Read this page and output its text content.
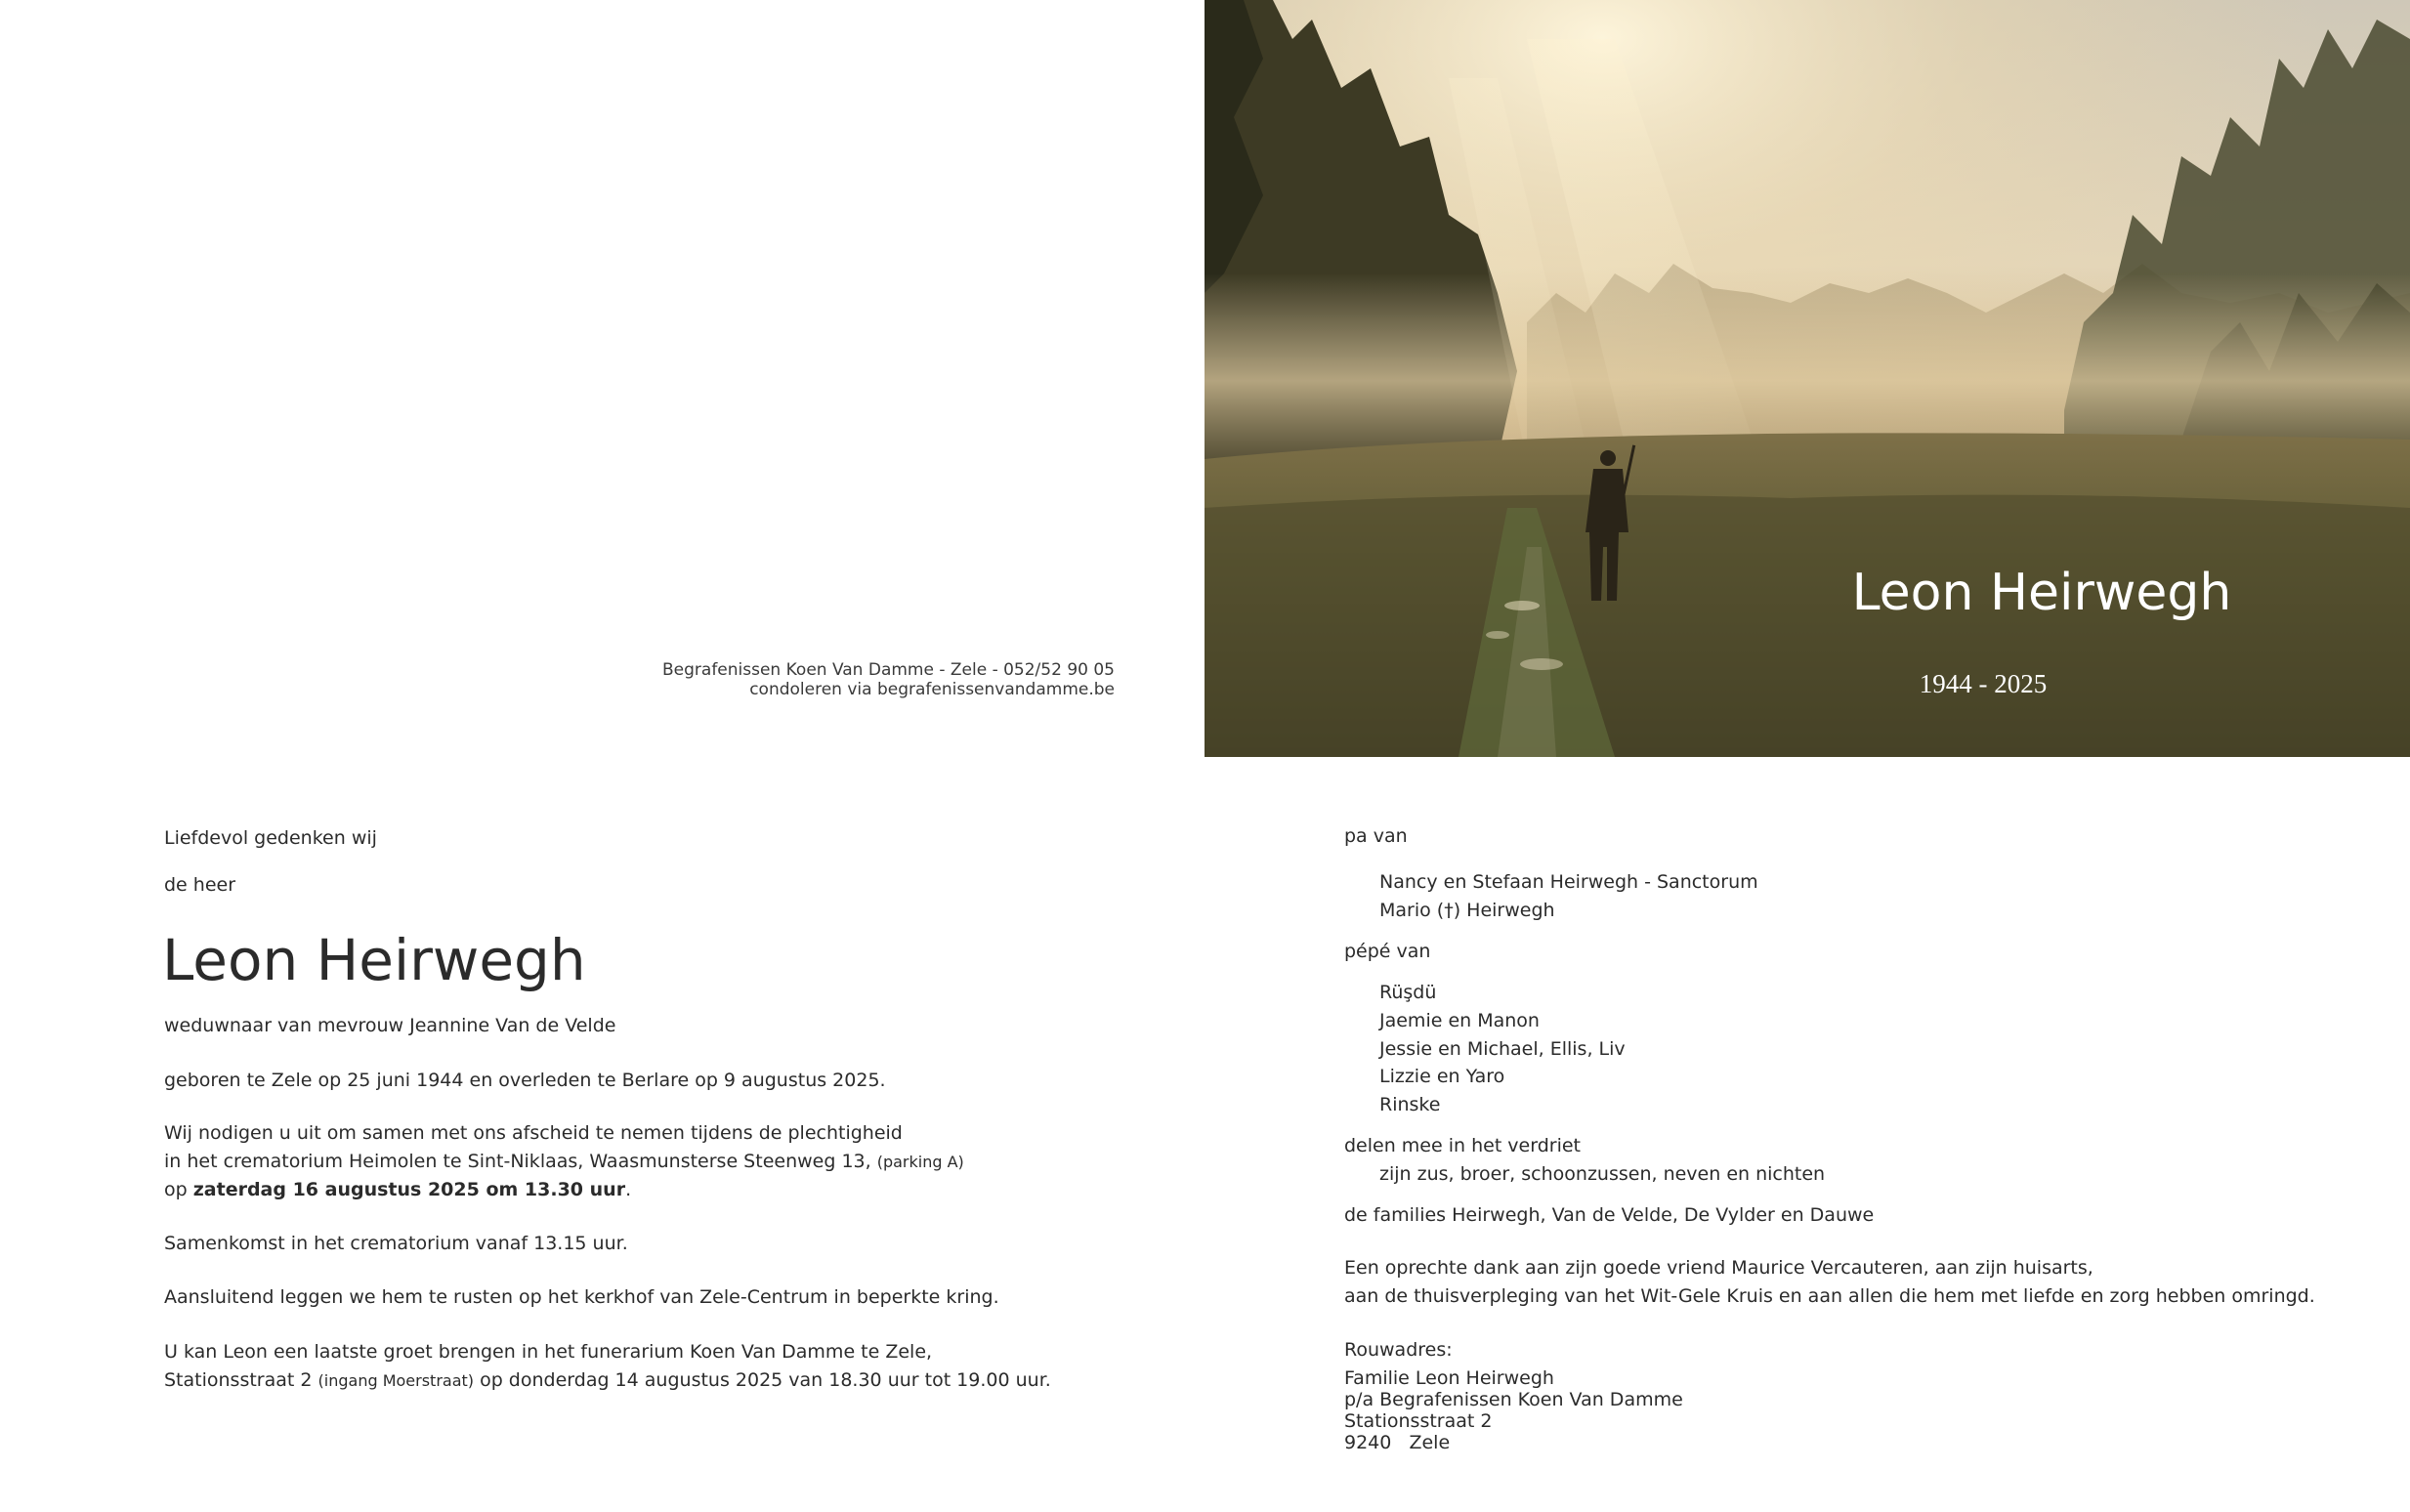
Begrafenissen Koen Van Damme - Zele - 052/52 90 05
condoleren via begrafenissenvandamme.be
Leon Heirwegh
1944 - 2025
Liefdevol gedenken wij
de heer
Leon Heirwegh
weduwnaar van mevrouw Jeannine Van de Velde
geboren te Zele op 25 juni 1944 en overleden te Berlare op 9 augustus 2025.
Wij nodigen u uit om samen met ons afscheid te nemen tijdens de plechtigheid
in het crematorium Heimolen te Sint-Niklaas, Waasmunsterse Steenweg 13, (parking A)
op zaterdag 16 augustus 2025 om 13.30 uur.
Samenkomst in het crematorium vanaf 13.15 uur.
Aansluitend leggen we hem te rusten op het kerkhof van Zele-Centrum in beperkte kring.
U kan Leon een laatste groet brengen in het funerarium Koen Van Damme te Zele,
Stationsstraat 2 (ingang Moerstraat) op donderdag 14 augustus 2025 van 18.30 uur tot 19.00 uur.
pa van
Nancy en Stefaan Heirwegh - Sanctorum
Mario (†) Heirwegh
pépé van
Rüşdü
Jaemie en Manon
Jessie en Michael, Ellis, Liv
Lizzie en Yaro
Rinske
delen mee in het verdriet
zijn zus, broer, schoonzussen, neven en nichten
de families Heirwegh, Van de Velde, De Vylder en Dauwe
Een oprechte dank aan zijn goede vriend Maurice Vercauteren, aan zijn huisarts,
aan de thuisverpleging van het Wit-Gele Kruis en aan allen die hem met liefde en zorg hebben omringd.
Rouwadres:
Familie Leon Heirwegh
p/a Begrafenissen Koen Van Damme
Stationsstraat 2
9240   Zele
